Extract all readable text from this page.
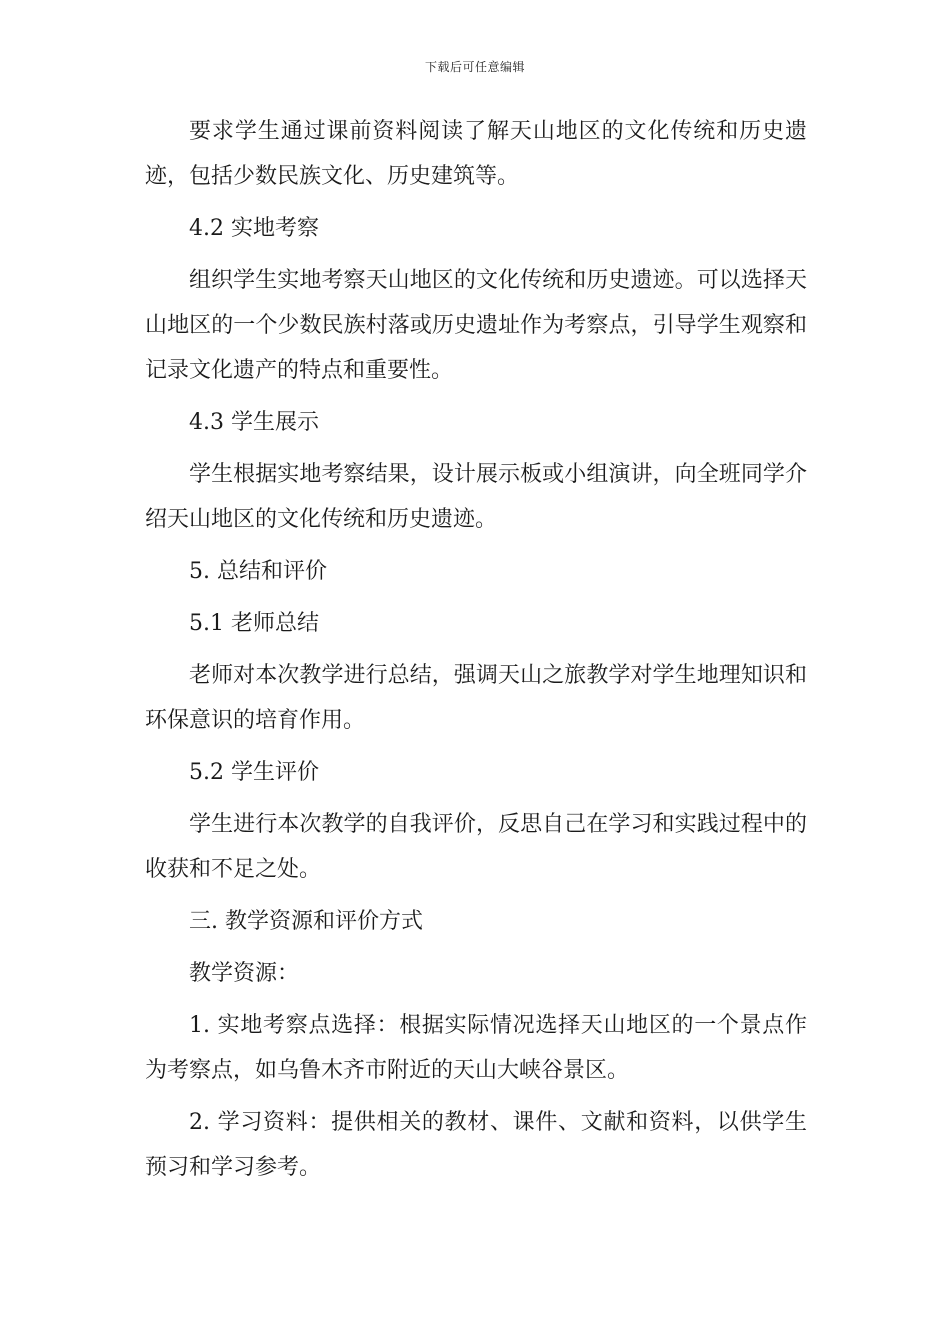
下载后可任意编辑

要求学生通过课前资料阅读了解天山地区的文化传统和历史遗迹，包括少数民族文化、历史建筑等。

4.2 实地考察

组织学生实地考察天山地区的文化传统和历史遗迹。可以选择天山地区的一个少数民族村落或历史遗址作为考察点，引导学生观察和记录文化遗产的特点和重要性。

4.3 学生展示

学生根据实地考察结果，设计展示板或小组演讲，向全班同学介绍天山地区的文化传统和历史遗迹。

5. 总结和评价

5.1 老师总结

老师对本次教学进行总结，强调天山之旅教学对学生地理知识和环保意识的培育作用。

5.2 学生评价

学生进行本次教学的自我评价，反思自己在学习和实践过程中的收获和不足之处。

三. 教学资源和评价方式

教学资源：

1. 实地考察点选择：根据实际情况选择天山地区的一个景点作为考察点，如乌鲁木齐市附近的天山大峡谷景区。

2. 学习资料：提供相关的教材、课件、文献和资料，以供学生预习和学习参考。
